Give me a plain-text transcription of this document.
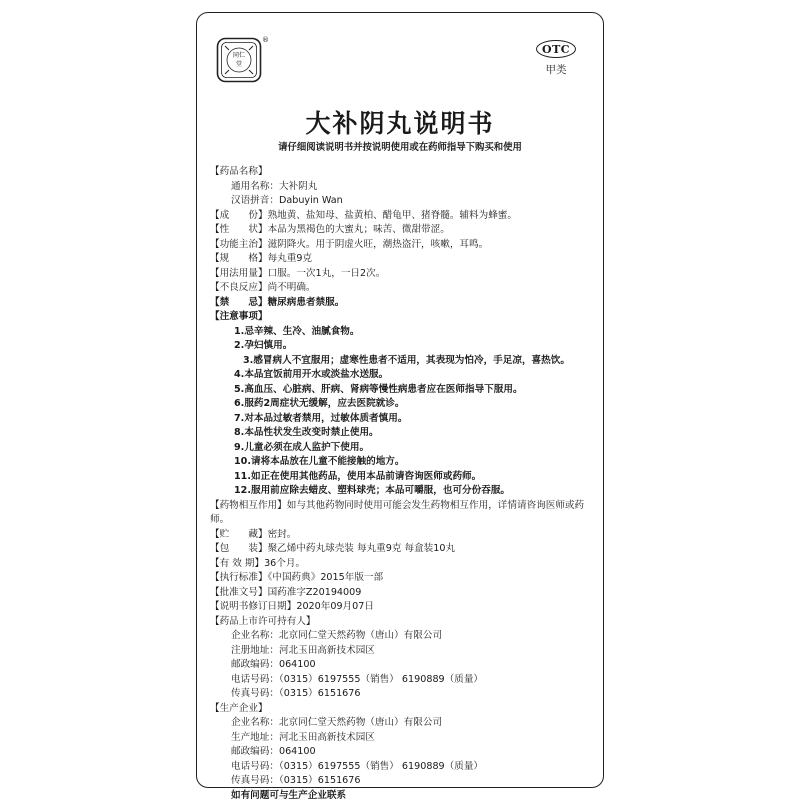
同仁
堂
®
OTC
甲类
大补阴丸说明书
请仔细阅读说明书并按说明使用或在药师指导下购买和使用
【药品名称】
通用名称：大补阴丸
汉语拼音：Dabuyin Wan
【成　　份】熟地黄、盐知母、盐黄柏、醋龟甲、猪脊髓。辅料为蜂蜜。
【性　　状】本品为黑褐色的大蜜丸；味苦、微甜带涩。
【功能主治】滋阴降火。用于阴虚火旺，潮热盗汗，咳嗽，耳鸣。
【规　　格】每丸重9克
【用法用量】口服。一次1丸，一日2次。
【不良反应】尚不明确。
【禁　　忌】糖尿病患者禁服。
【注意事项】
1.忌辛辣、生冷、油腻食物。
2.孕妇慎用。
3.感冒病人不宜服用；虚寒性患者不适用，其表现为怕冷，手足凉，喜热饮。
4.本品宜饭前用开水或淡盐水送服。
5.高血压、心脏病、肝病、肾病等慢性病患者应在医师指导下服用。
6.服药2周症状无缓解，应去医院就诊。
7.对本品过敏者禁用，过敏体质者慎用。
8.本品性状发生改变时禁止使用。
9.儿童必须在成人监护下使用。
10.请将本品放在儿童不能接触的地方。
11.如正在使用其他药品，使用本品前请咨询医师或药师。
12.服用前应除去蜡皮、塑料球壳；本品可嚼服，也可分份吞服。
【药物相互作用】如与其他药物同时使用可能会发生药物相互作用，详情请咨询医师或药师。
【贮　　藏】密封。
【包　　装】聚乙烯中药丸球壳装 每丸重9克 每盒装10丸
【有 效 期】36个月。
【执行标准】《中国药典》2015年版一部
【批准文号】国药准字Z20194009
【说明书修订日期】2020年09月07日
【药品上市许可持有人】
企业名称：北京同仁堂天然药物（唐山）有限公司
注册地址：河北玉田高新技术园区
邮政编码：064100
电话号码：（0315）6197555（销售） 6190889（质量）
传真号码：（0315）6151676
【生产企业】
企业名称：北京同仁堂天然药物（唐山）有限公司
生产地址：河北玉田高新技术园区
邮政编码：064100
电话号码：（0315）6197555（销售） 6190889（质量）
传真号码：（0315）6151676
如有问题可与生产企业联系
